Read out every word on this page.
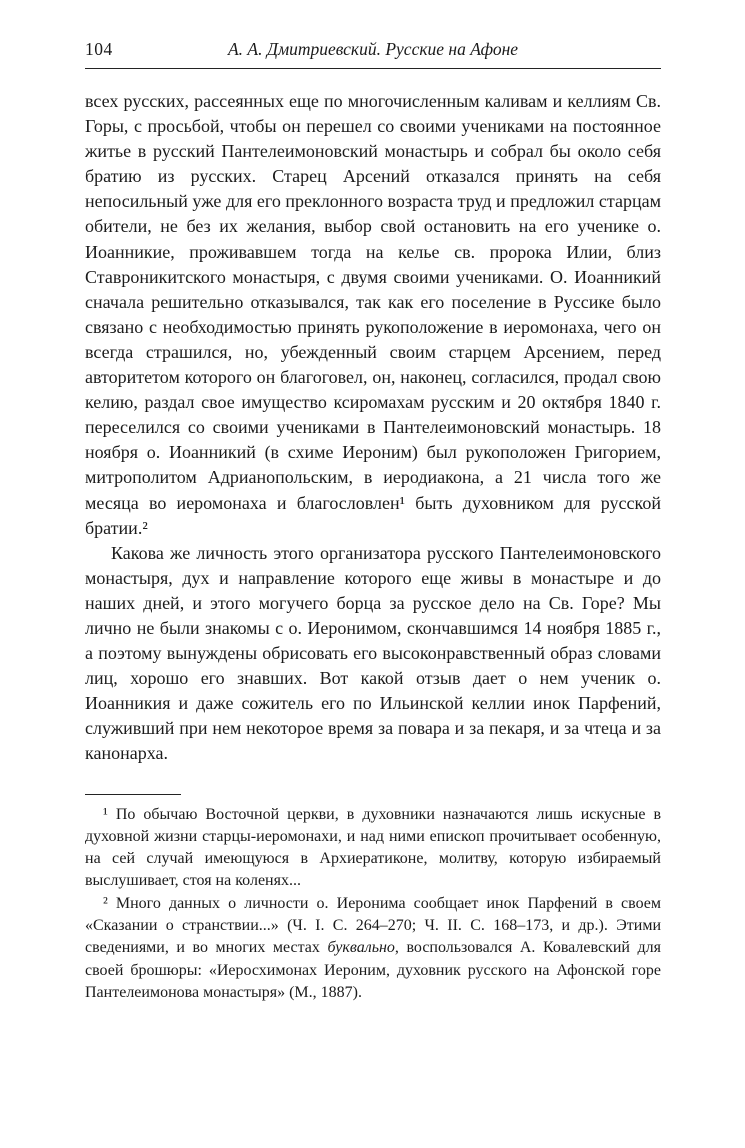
104	А. А. Дмитриевский. Русские на Афоне

всех русских, рассеянных еще по многочисленным каливам и келлиям Св. Горы, с просьбой, чтобы он перешел со своими учениками на постоянное житье в русский Пантелеимоновский монастырь и собрал бы около себя братию из русских. Старец Арсений отказался принять на себя непосильный уже для его преклонного возраста труд и предложил старцам обители, не без их желания, выбор свой остановить на его ученике о. Иоанникие, проживавшем тогда на келье св. пророка Илии, близ Ставроникитского монастыря, с двумя своими учениками. О. Иоанникий сначала решительно отказывался, так как его поселение в Руссике было связано с необходимостью принять рукоположение в иеромонаха, чего он всегда страшился, но, убежденный своим старцем Арсением, перед авторитетом которого он благоговел, он, наконец, согласился, продал свою келию, раздал свое имущество ксиромахам русским и 20 октября 1840 г. переселился со своими учениками в Пантелеимоновский монастырь. 18 ноября о. Иоанникий (в схиме Иероним) был рукоположен Григорием, митрополитом Адрианопольским, в иеродиакона, а 21 числа того же месяца во иеромонаха и благословлен¹ быть духовником для русской братии.²

Какова же личность этого организатора русского Пантелеимоновского монастыря, дух и направление которого еще живы в монастыре и до наших дней, и этого могучего борца за русское дело на Св. Горе? Мы лично не были знакомы с о. Иеронимом, скончавшимся 14 ноября 1885 г., а поэтому вынуждены обрисовать его высоконравственный образ словами лиц, хорошо его знавших. Вот какой отзыв дает о нем ученик о. Иоанникия и даже сожитель его по Ильинской келлии инок Парфений, служивший при нем некоторое время за повара и за пекаря, и за чтеца и за канонарха.

¹ По обычаю Восточной церкви, в духовники назначаются лишь искусные в духовной жизни старцы-иеромонахи, и над ними епископ прочитывает особенную, на сей случай имеющуюся в Архиератиконе, молитву, которую избираемый выслушивает, стоя на коленях...

² Много данных о личности о. Иеронима сообщает инок Парфений в своем «Сказании о странствии...» (Ч. I. С. 264–270; Ч. II. С. 168–173, и др.). Этими сведениями, и во многих местах буквально, воспользовался А. Ковалевский для своей брошюры: «Иеросхимонах Иероним, духовник русского на Афонской горе Пантелеимонова монастыря» (М., 1887).
